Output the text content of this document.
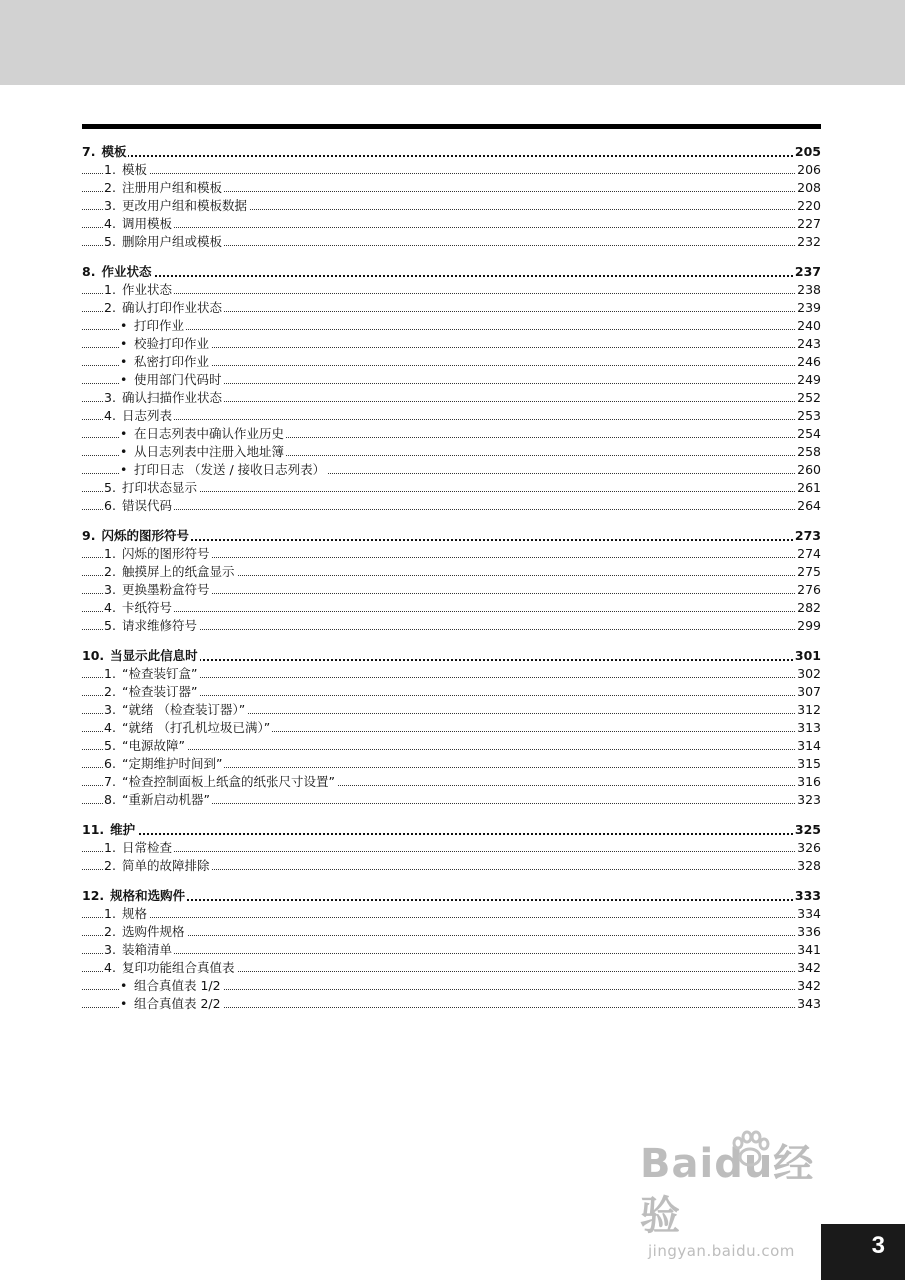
7. 模板	205
1. 模板	206
2. 注册用户组和模板	208
3. 更改用户组和模板数据	220
4. 调用模板	227
5. 删除用户组或模板	232
8. 作业状态	237
1. 作业状态	238
2. 确认打印作业状态	239
• 打印作业	240
• 校验打印作业	243
• 私密打印作业	246
• 使用部门代码时	249
3. 确认扫描作业状态	252
4. 日志列表	253
• 在日志列表中确认作业历史	254
• 从日志列表中注册入地址簿	258
• 打印日志 （发送 / 接收日志列表）	260
5. 打印状态显示	261
6. 错误代码	264
9. 闪烁的图形符号	273
1. 闪烁的图形符号	274
2. 触摸屏上的纸盒显示	275
3. 更换墨粉盒符号	276
4. 卡纸符号	282
5. 请求维修符号	299
10. 当显示此信息时	301
1. “检查装钉盒”	302
2. “检查装订器”	307
3. “就绪 （检查装订器）”	312
4. “就绪 （打孔机垃圾已满）”	313
5. “电源故障”	314
6. “定期维护时间到”	315
7. “检查控制面板上纸盒的纸张尺寸设置”	316
8. “重新启动机器”	323
11. 维护	325
1. 日常检查	326
2. 简单的故障排除	328
12. 规格和选购件	333
1. 规格	334
2. 选购件规格	336
3. 装箱清单	341
4. 复印功能组合真值表	342
• 组合真值表 1/2	342
• 组合真值表 2/2	343
Baidu经验
jingyan.baidu.com	3
